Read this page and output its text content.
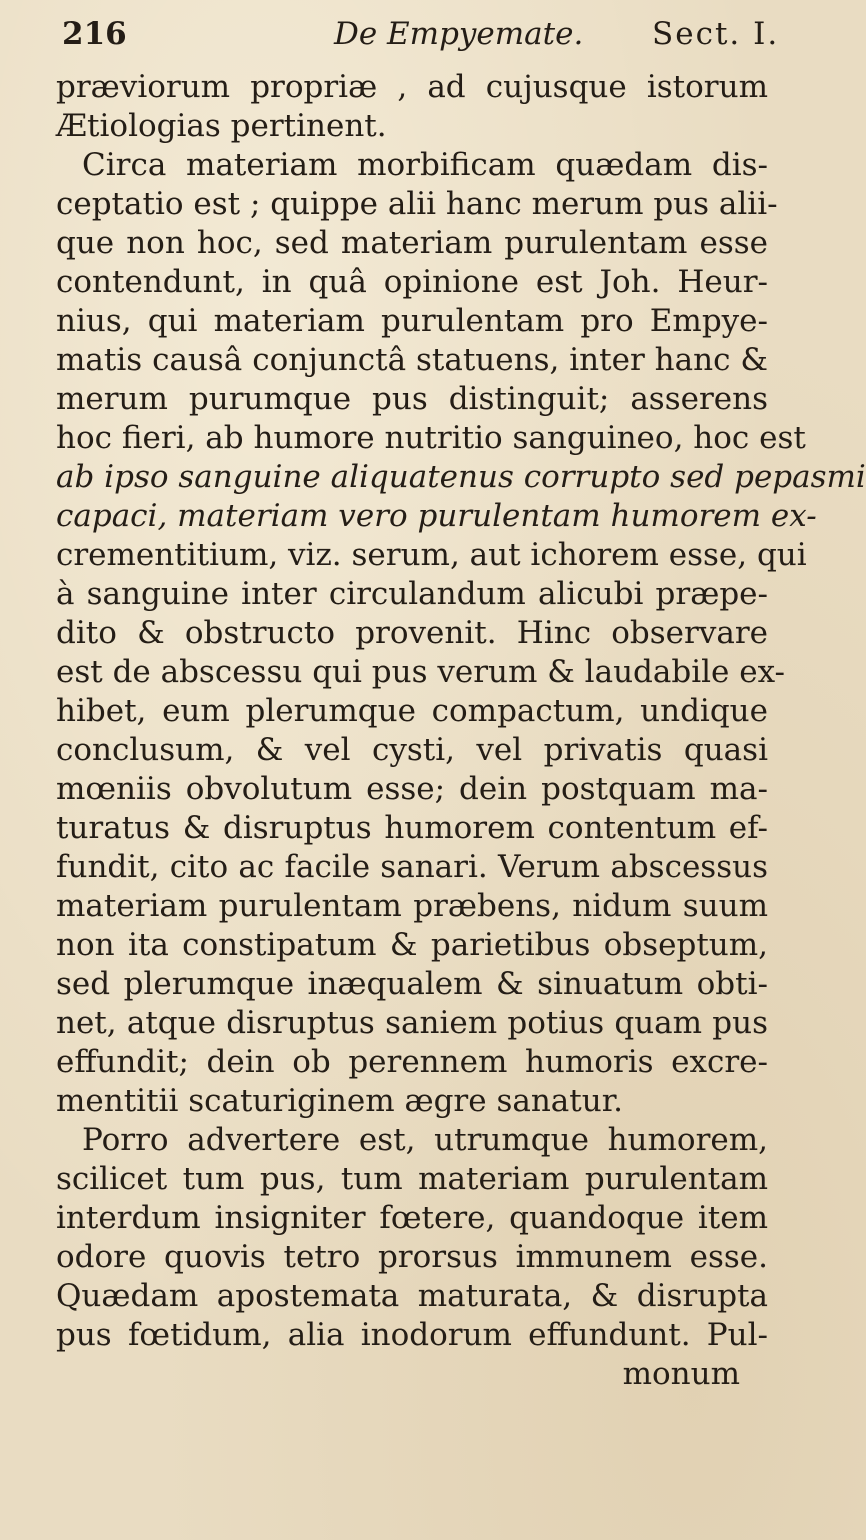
216	De Empyemate. Sect. I.
præviorum propriæ , ad cujusque istorum
Ætiologias pertinent.
Circa materiam morbificam quædam dis-
ceptatio est ; quippe alii hanc merum pus alii-
que non hoc, sed materiam purulentam esse
contendunt, in quâ opinione est Joh. Heur-
nius, qui materiam purulentam pro Empye-
matis causâ conjunctâ statuens, inter hanc &
merum purumque pus distinguit; asserens
hoc fieri, ab humore nutritio sanguineo, hoc est
ab ipso sanguine aliquatenus corrupto sed pepasmi
capaci, materiam vero purulentam humorem ex-
crementitium, viz. serum, aut ichorem esse, qui
à sanguine inter circulandum alicubi præpe-
dito & obstructo provenit. Hinc observare
est de abscessu qui pus verum & laudabile ex-
hibet, eum plerumque compactum, undique
conclusum, & vel cysti, vel privatis quasi
mœniis obvolutum esse; dein postquam ma-
turatus & disruptus humorem contentum ef-
fundit, cito ac facile sanari. Verum abscessus
materiam purulentam præbens, nidum suum
non ita constipatum & parietibus obseptum,
sed plerumque inæqualem & sinuatum obti-
net, atque disruptus saniem potius quam pus
effundit; dein ob perennem humoris excre-
mentitii scaturiginem ægre sanatur.
Porro advertere est, utrumque humorem,
scilicet tum pus, tum materiam purulentam
interdum insigniter fœtere, quandoque item
odore quovis tetro prorsus immunem esse.
Quædam apostemata maturata, & disrupta
pus fœtidum, alia inodorum effundunt. Pul-
monum
